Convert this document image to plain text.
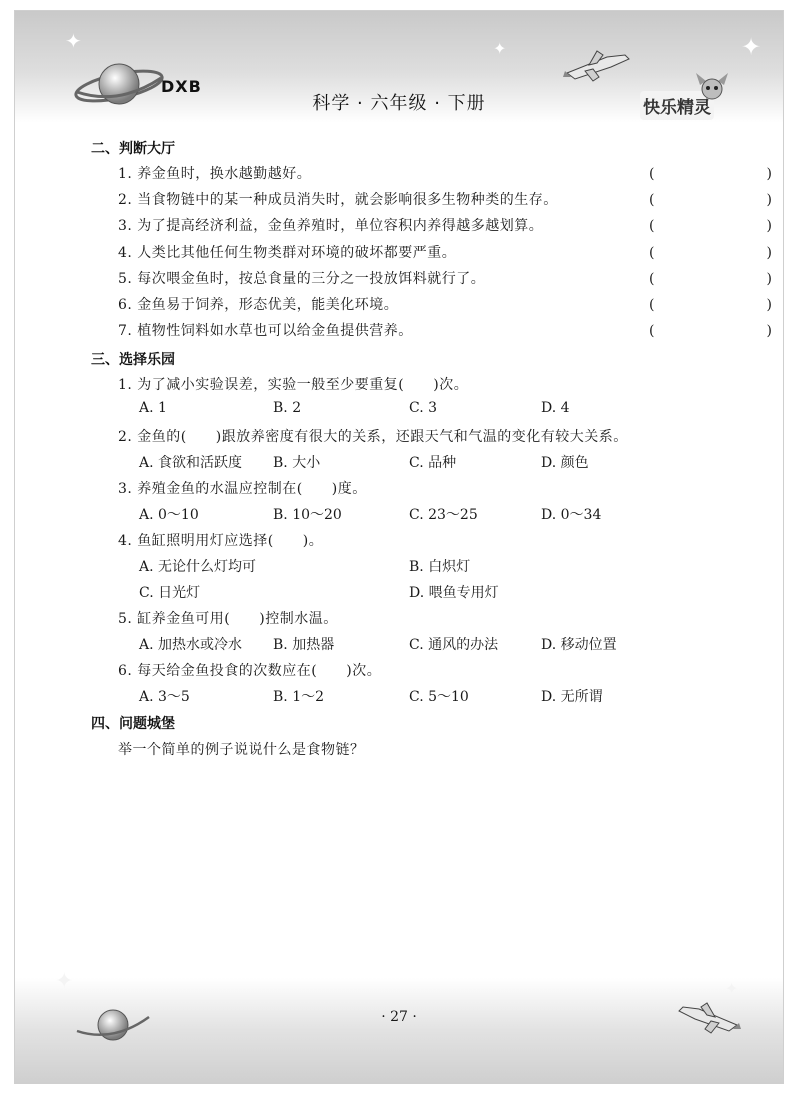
✦	✦	✦
✦	✦
DXB
科学 · 六年级 · 下册	快乐精灵
二、判断大厅
1. 养金鱼时，换水越勤越好。	(　　)
2. 当食物链中的某一种成员消失时，就会影响很多生物种类的生存。	(　　)
3. 为了提高经济利益，金鱼养殖时，单位容积内养得越多越划算。	(　　)
4. 人类比其他任何生物类群对环境的破坏都要严重。	(　　)
5. 每次喂金鱼时，按总食量的三分之一投放饵料就行了。	(　　)
6. 金鱼易于饲养，形态优美，能美化环境。	(　　)
7. 植物性饲料如水草也可以给金鱼提供营养。	(　　)
三、选择乐园
1. 为了减小实验误差，实验一般至少要重复(　　)次。
A. 1	B. 2	C. 3	D. 4
2. 金鱼的(　　)跟放养密度有很大的关系，还跟天气和气温的变化有较大关系。
A. 食欲和活跃度 B. 大小	C. 品种	D. 颜色
3. 养殖金鱼的水温应控制在(　　)度。
A. 0～10	B. 10～20	C. 23～25	D. 0～34
4. 鱼缸照明用灯应选择(　　)。
A. 无论什么灯均可	B. 白炽灯
C. 日光灯	D. 喂鱼专用灯
5. 缸养金鱼可用(　　)控制水温。
A. 加热水或冷水 B. 加热器	C. 通风的办法	D. 移动位置
6. 每天给金鱼投食的次数应在(　　)次。
A. 3～5	B. 1～2	C. 5～10	D. 无所谓
四、问题城堡
举一个简单的例子说说什么是食物链？
· 27 ·
